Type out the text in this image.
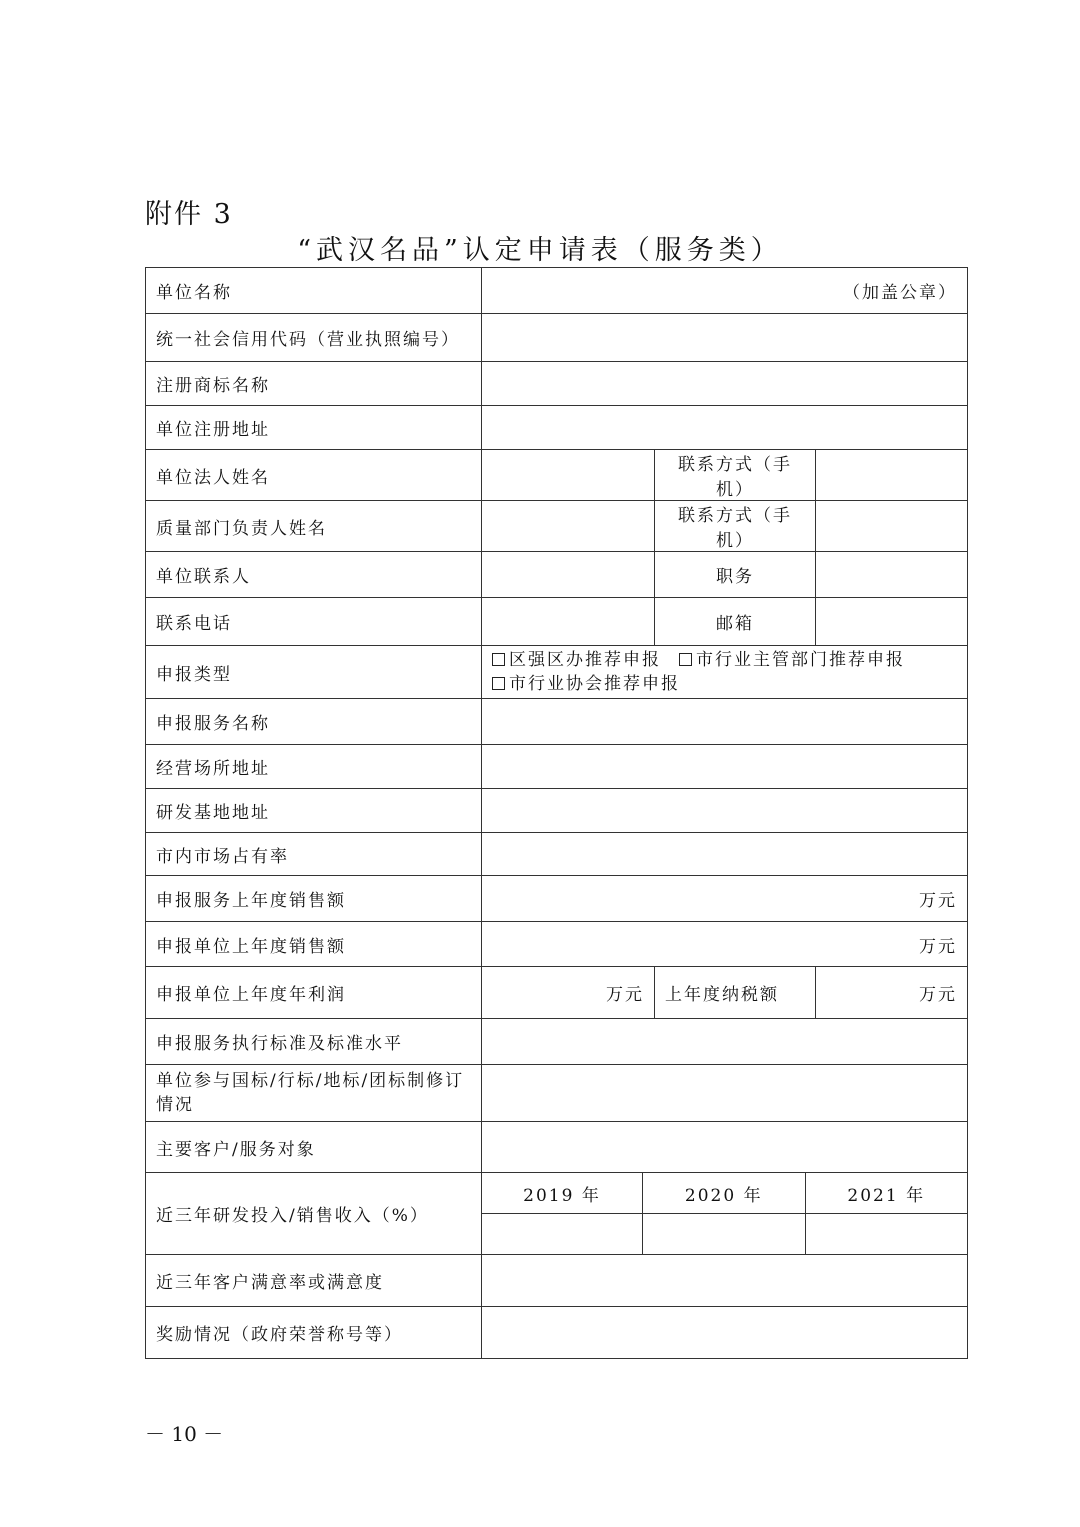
附件 3
“武汉名品”认定申请表（服务类）
单位名称	（加盖公章）			
统一社会信用代码（营业执照编号）				
注册商标名称				
单位注册地址				
单位法人姓名			联系方式（手机）	
质量部门负责人姓名			联系方式（手机）	
单位联系人			职务	
联系电话			邮箱	
申报类型	区强区办推荐申报 市行业主管部门推荐申报
市行业协会推荐申报			
申报服务名称				
经营场所地址				
研发基地地址				
市内市场占有率				
申报服务上年度销售额	万元			
申报单位上年度销售额	万元			
申报单位上年度年利润	万元		上年度纳税额	万元
申报服务执行标准及标准水平				
单位参与国标/行标/地标/团标制修订情况				
主要客户/服务对象				
近三年研发投入/销售收入（%）	2019 年	2020 年 2021 年		

近三年客户满意率或满意度				
奖励情况（政府荣誉称号等）				
－ 10 －
